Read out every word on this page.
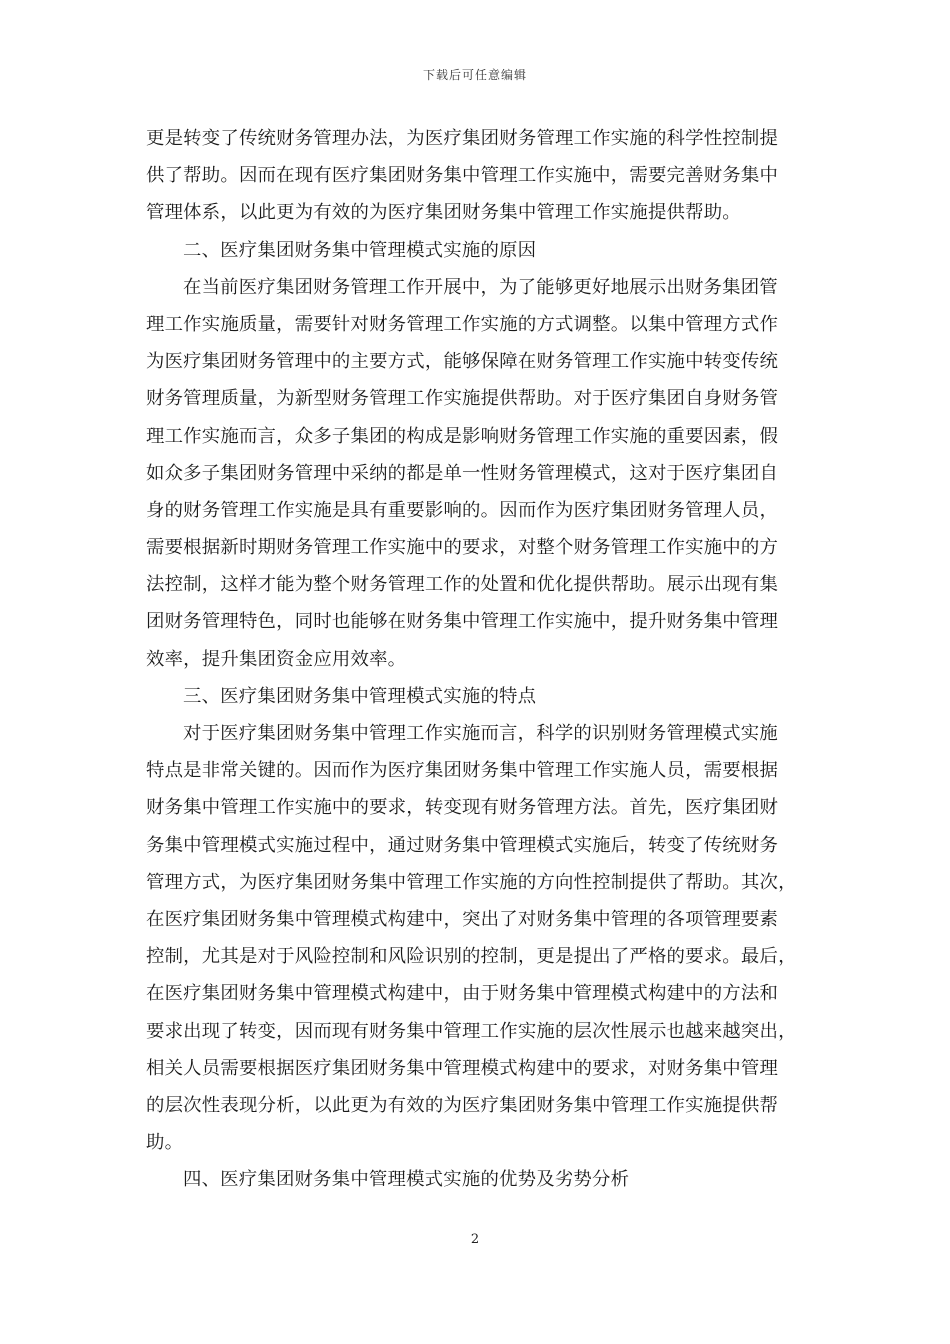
下载后可任意编辑
更是转变了传统财务管理办法，为医疗集团财务管理工作实施的科学性控制提
供了帮助。因而在现有医疗集团财务集中管理工作实施中，需要完善财务集中
管理体系，以此更为有效的为医疗集团财务集中管理工作实施提供帮助。
二、医疗集团财务集中管理模式实施的原因
在当前医疗集团财务管理工作开展中，为了能够更好地展示出财务集团管
理工作实施质量，需要针对财务管理工作实施的方式调整。以集中管理方式作
为医疗集团财务管理中的主要方式，能够保障在财务管理工作实施中转变传统
财务管理质量，为新型财务管理工作实施提供帮助。对于医疗集团自身财务管
理工作实施而言，众多子集团的构成是影响财务管理工作实施的重要因素，假
如众多子集团财务管理中采纳的都是单一性财务管理模式，这对于医疗集团自
身的财务管理工作实施是具有重要影响的。因而作为医疗集团财务管理人员，
需要根据新时期财务管理工作实施中的要求，对整个财务管理工作实施中的方
法控制，这样才能为整个财务管理工作的处置和优化提供帮助。展示出现有集
团财务管理特色，同时也能够在财务集中管理工作实施中，提升财务集中管理
效率，提升集团资金应用效率。
三、医疗集团财务集中管理模式实施的特点
对于医疗集团财务集中管理工作实施而言，科学的识别财务管理模式实施
特点是非常关键的。因而作为医疗集团财务集中管理工作实施人员，需要根据
财务集中管理工作实施中的要求，转变现有财务管理方法。首先，医疗集团财
务集中管理模式实施过程中，通过财务集中管理模式实施后，转变了传统财务
管理方式，为医疗集团财务集中管理工作实施的方向性控制提供了帮助。其次，
在医疗集团财务集中管理模式构建中，突出了对财务集中管理的各项管理要素
控制，尤其是对于风险控制和风险识别的控制，更是提出了严格的要求。最后，
在医疗集团财务集中管理模式构建中，由于财务集中管理模式构建中的方法和
要求出现了转变，因而现有财务集中管理工作实施的层次性展示也越来越突出，
相关人员需要根据医疗集团财务集中管理模式构建中的要求，对财务集中管理
的层次性表现分析，以此更为有效的为医疗集团财务集中管理工作实施提供帮
助。
四、医疗集团财务集中管理模式实施的优势及劣势分析
2
